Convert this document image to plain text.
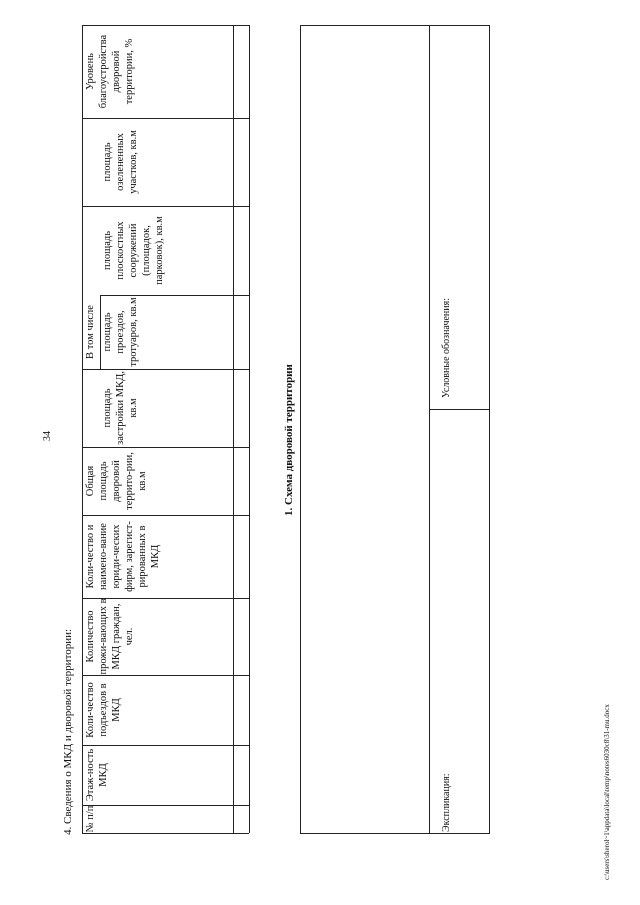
34
4. Сведения о МКД и дворовой территории:
1. Схема дворовой территории
c:\users\sherol~1\appdata\local\temp\notes6030c8\31-mu.docx
№ п/п
Этаж-ность МКД
Коли-чество подъездов в МКД
Количество прожи-вающих в МКД граждан, чел.
Коли-чество и наимено-вание юриди-ческих фирм, зарегист-рированных в МКД
Общая площадь дворовой террито-рии, кв.м
В том числе
площадь застройки МКД, кв.м
площадь проездов, тротуаров, кв.м
площадь плоскостных сооружений (площадок, парковок), кв.м
площадь озелененных участков, кв.м
Уровень благоустройства дворовой территории, %
Условные обозначения:
Экспликация:
